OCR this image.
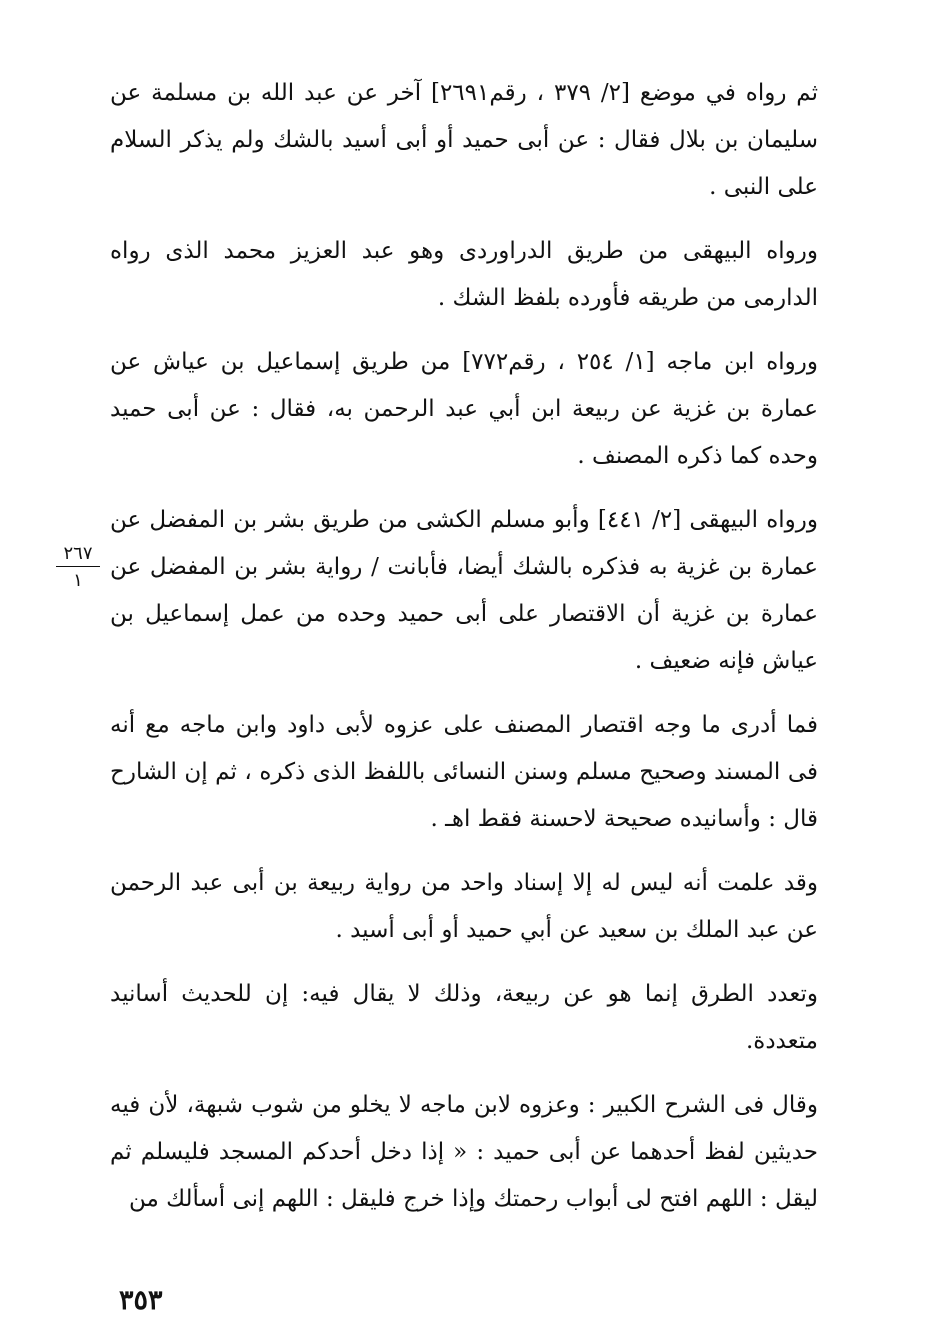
ثم رواه في موضع [٢/ ٣٧٩ ، رقم٢٦٩١] آخر عن عبد الله بن مسلمة عن سليمان بن بلال فقال : عن أبى حميد أو أبى أسيد بالشك ولم يذكر السلام على النبى .

ورواه البيهقى من طريق الدراوردى وهو عبد العزيز محمد الذى رواه الدارمى من طريقه فأورده بلفظ الشك .

ورواه ابن ماجه [١/ ٢٥٤ ، رقم٧٧٢] من طريق إسماعيل بن عياش عن عمارة بن غزية عن ربيعة ابن أبي عبد الرحمن به، فقال : عن أبى حميد وحده كما ذكره المصنف .

ورواه البيهقى [٢/ ٤٤١] وأبو مسلم الكشى من طريق بشر بن المفضل عن عمارة بن غزية به فذكره بالشك أيضا، فأبانت / رواية بشر بن المفضل عن عمارة بن غزية أن الاقتصار على أبى حميد وحده من عمل إسماعيل بن عياش فإنه ضعيف .

فما أدرى ما وجه اقتصار المصنف على عزوه لأبى داود وابن ماجه مع أنه فى المسند وصحيح مسلم وسنن النسائى باللفظ الذى ذكره ، ثم إن الشارح قال : وأسانيده صحيحة لاحسنة فقط اهـ .

وقد علمت أنه ليس له إلا إسناد واحد من رواية ربيعة بن أبى عبد الرحمن عن عبد الملك بن سعيد عن أبي حميد أو أبى أسيد .

وتعدد الطرق إنما هو عن ربيعة، وذلك لا يقال فيه: إن للحديث أسانيد متعددة.

وقال فى الشرح الكبير : وعزوه لابن ماجه لا يخلو من شوب شبهة، لأن فيه حديثين لفظ أحدهما عن أبى حميد : « إذا دخل أحدكم المسجد فليسلم ثم ليقل : اللهم افتح لى أبواب رحمتك وإذا خرج فليقل : اللهم إنى أسألك من

٢٦٧
١
٣٥٣
